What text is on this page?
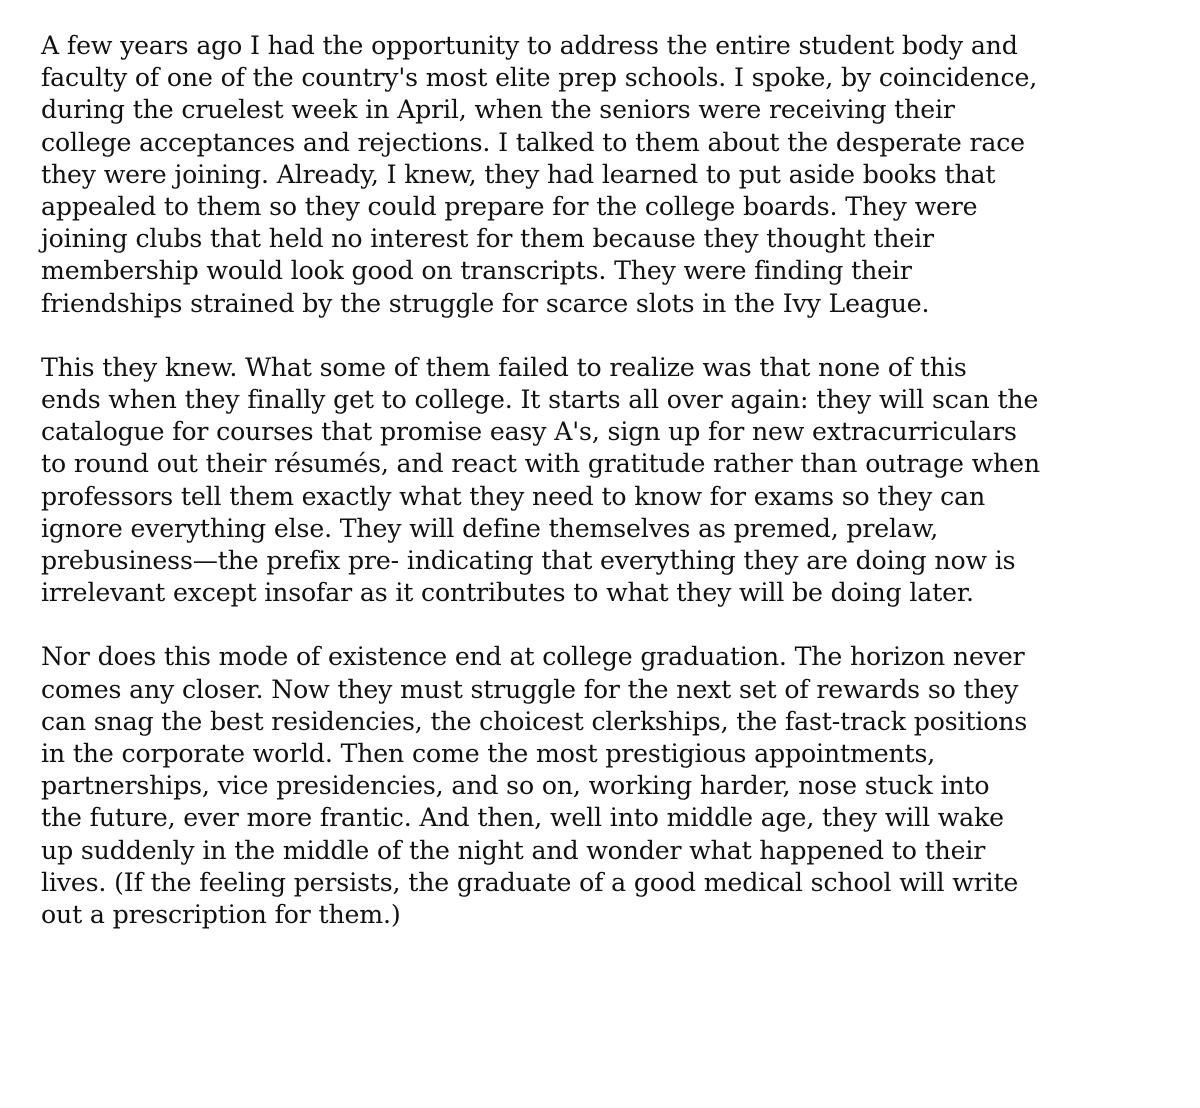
A few years ago I had the opportunity to address the entire student body and
faculty of one of the country's most elite prep schools. I spoke, by coincidence,
during the cruelest week in April, when the seniors were receiving their
college acceptances and rejections. I talked to them about the desperate race
they were joining. Already, I knew, they had learned to put aside books that
appealed to them so they could prepare for the college boards. They were
joining clubs that held no interest for them because they thought their
membership would look good on transcripts. They were finding their
friendships strained by the struggle for scarce slots in the Ivy League.
This they knew. What some of them failed to realize was that none of this
ends when they finally get to college. It starts all over again: they will scan the
catalogue for courses that promise easy A's, sign up for new extracurriculars
to round out their résumés, and react with gratitude rather than outrage when
professors tell them exactly what they need to know for exams so they can
ignore everything else. They will define themselves as premed, prelaw,
prebusiness—the prefix pre- indicating that everything they are doing now is
irrelevant except insofar as it contributes to what they will be doing later.
Nor does this mode of existence end at college graduation. The horizon never
comes any closer. Now they must struggle for the next set of rewards so they
can snag the best residencies, the choicest clerkships, the fast-track positions
in the corporate world. Then come the most prestigious appointments,
partnerships, vice presidencies, and so on, working harder, nose stuck into
the future, ever more frantic. And then, well into middle age, they will wake
up suddenly in the middle of the night and wonder what happened to their
lives. (If the feeling persists, the graduate of a good medical school will write
out a prescription for them.)
